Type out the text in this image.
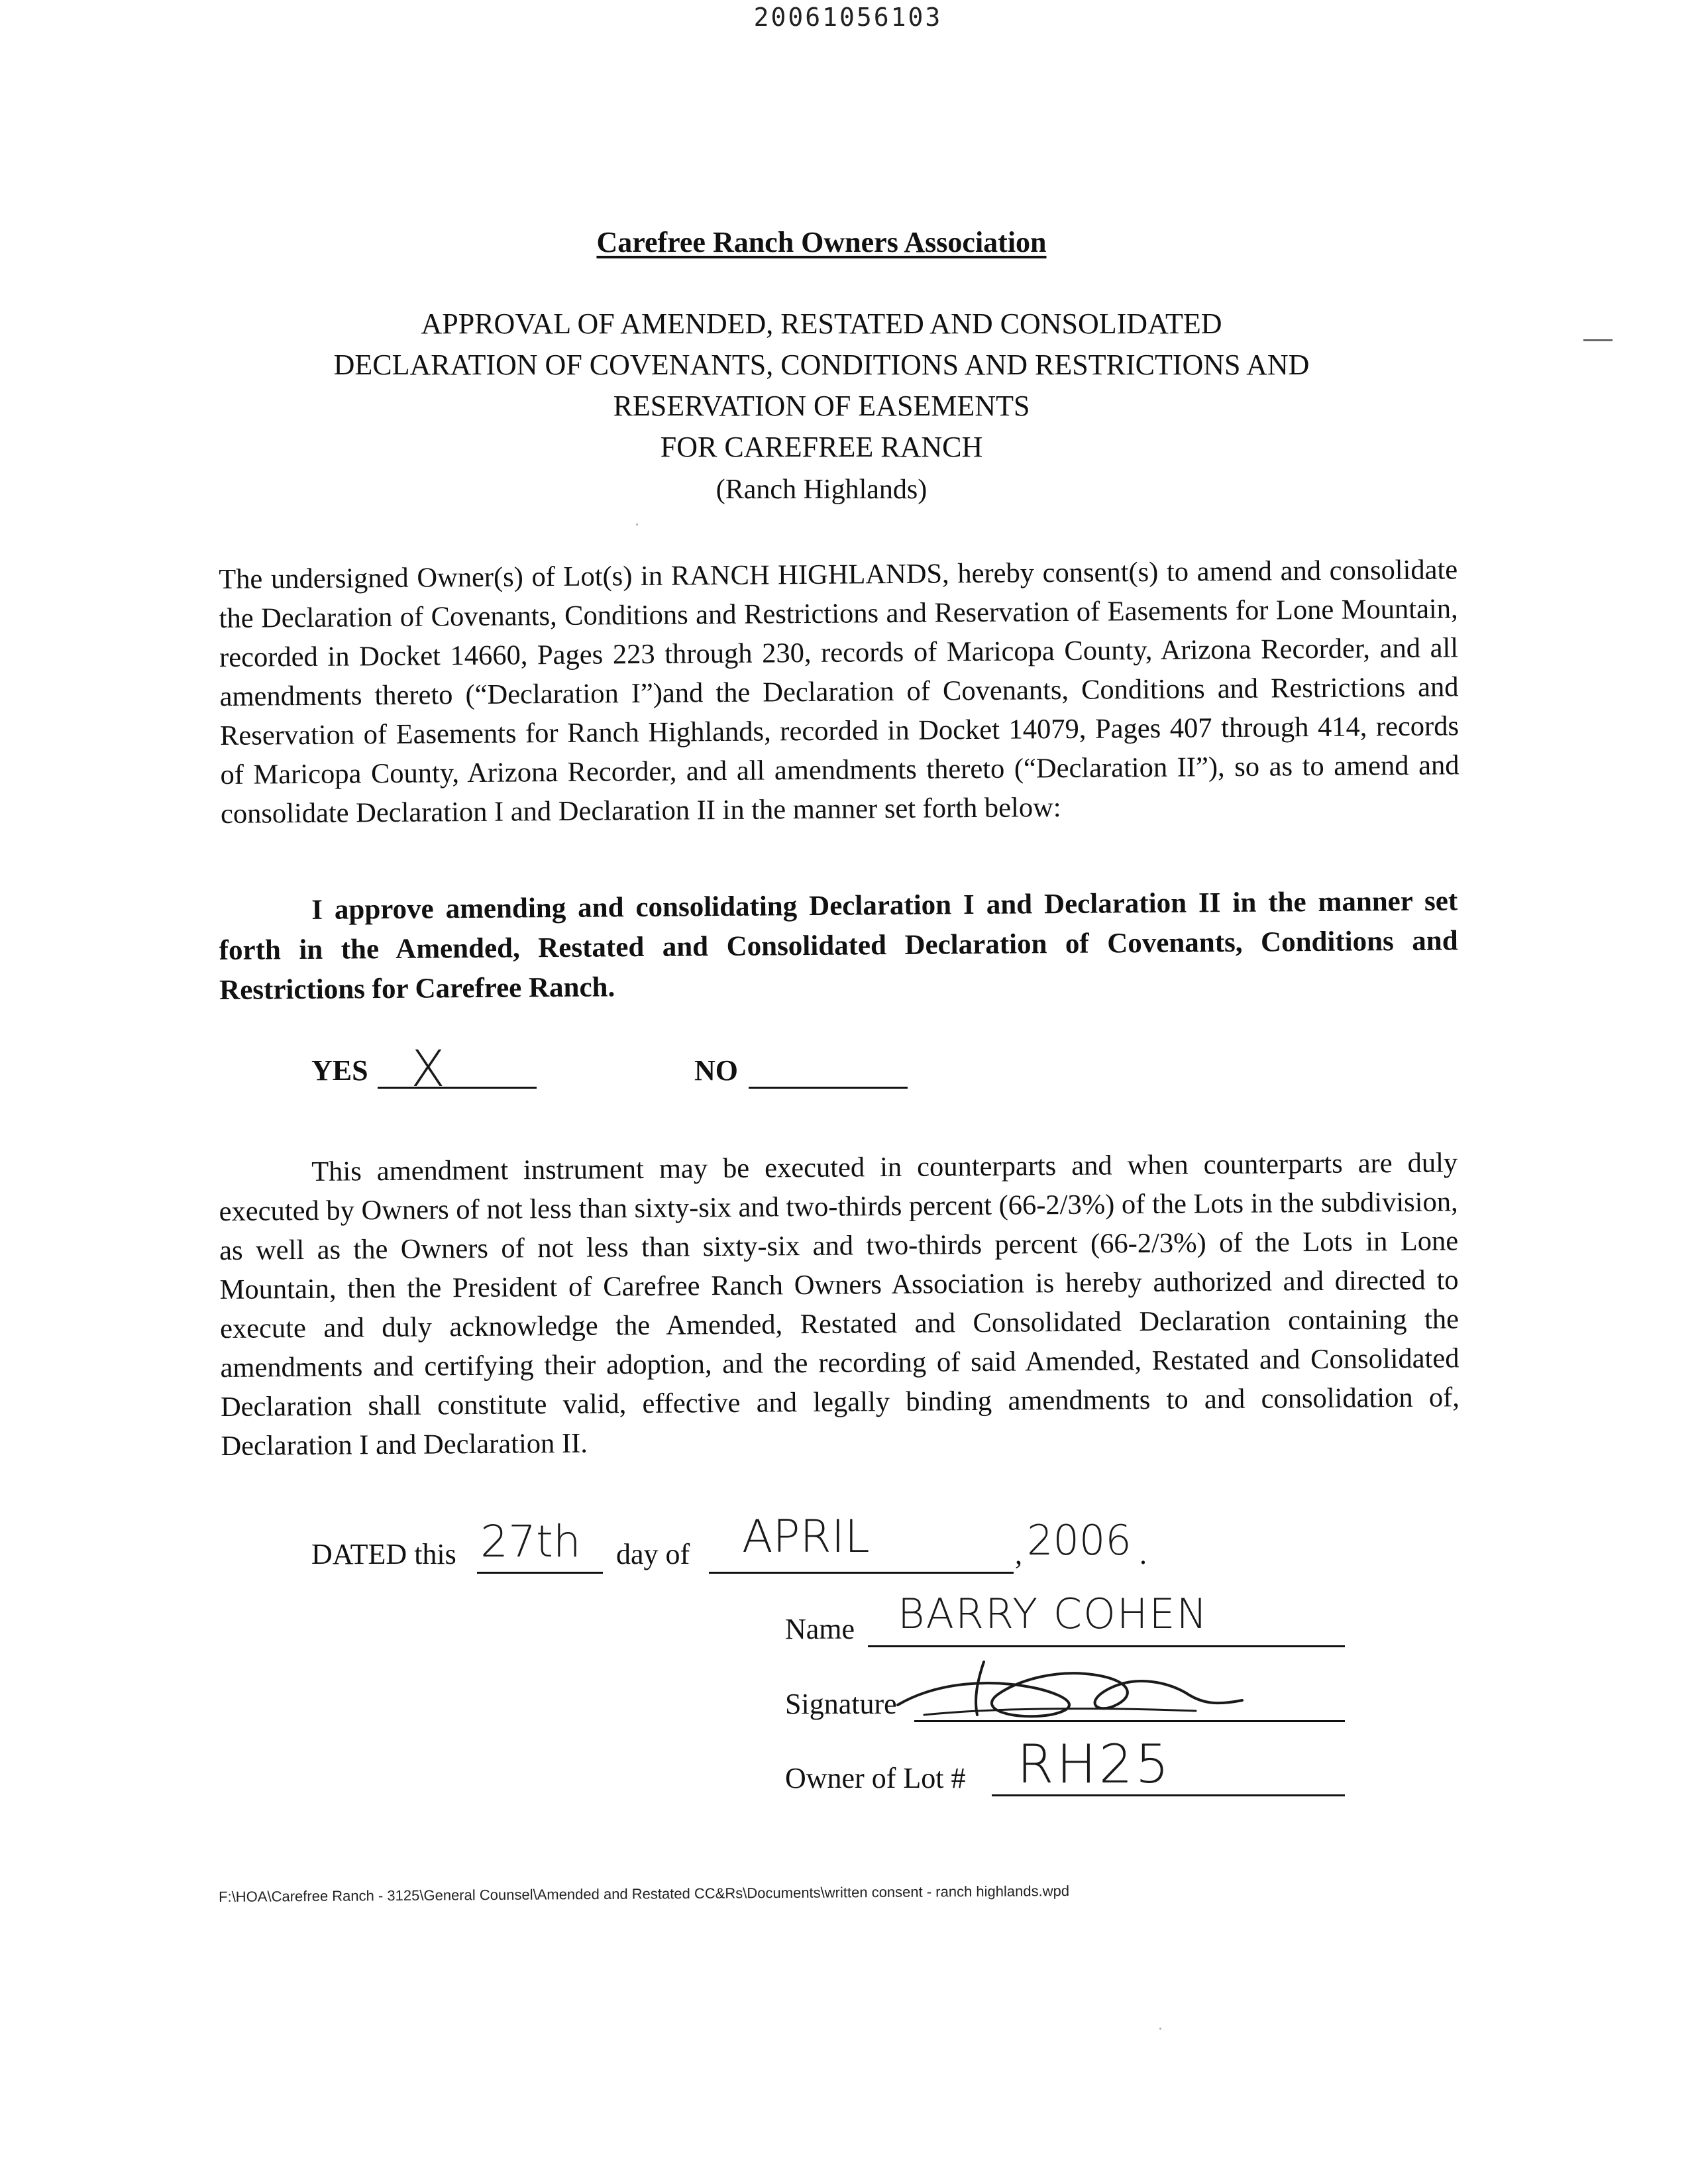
20061056103
Carefree Ranch Owners Association
APPROVAL OF AMENDED, RESTATED AND CONSOLIDATED
DECLARATION OF COVENANTS, CONDITIONS AND RESTRICTIONS AND
RESERVATION OF EASEMENTS
FOR CAREFREE RANCH
(Ranch Highlands)
The undersigned Owner(s) of Lot(s) in RANCH HIGHLANDS, hereby consent(s) to amend and consolidate the Declaration of Covenants, Conditions and Restrictions and Reservation of Easements for Lone Mountain, recorded in Docket 14660, Pages 223 through 230, records of Maricopa County, Arizona Recorder, and all amendments thereto (“Declaration I”)and the Declaration of Covenants, Conditions and Restrictions and Reservation of Easements for Ranch Highlands, recorded in Docket 14079, Pages 407 through 414, records of Maricopa County, Arizona Recorder, and all amendments thereto (“Declaration II”), so as to amend and consolidate Declaration I and Declaration II in the manner set forth below:
I approve amending and consolidating Declaration I and Declaration II in the manner set forth in the Amended, Restated and Consolidated Declaration of Covenants, Conditions and Restrictions for Carefree Ranch.
YES X	NO
This amendment instrument may be executed in counterparts and when counterparts are duly executed by Owners of not less than sixty-six and two-thirds percent (66-2/3%) of the Lots in the subdivision, as well as the Owners of not less than sixty-six and two-thirds percent (66-2/3%) of the Lots in Lone Mountain, then the President of Carefree Ranch Owners Association is hereby authorized and directed to execute and duly acknowledge the Amended, Restated and Consolidated Declaration containing the amendments and certifying their adoption, and the recording of said Amended, Restated and Consolidated Declaration shall constitute valid, effective and legally binding amendments to and consolidation of, Declaration I and Declaration II.
DATED this 27th day of APRIL	, 2006 .
Name BARRY COHEN
Signature
Owner of Lot # RH25
F:\HOA\Carefree Ranch - 3125\General Counsel\Amended and Restated CC&Rs\Documents\written consent - ranch highlands.wpd
